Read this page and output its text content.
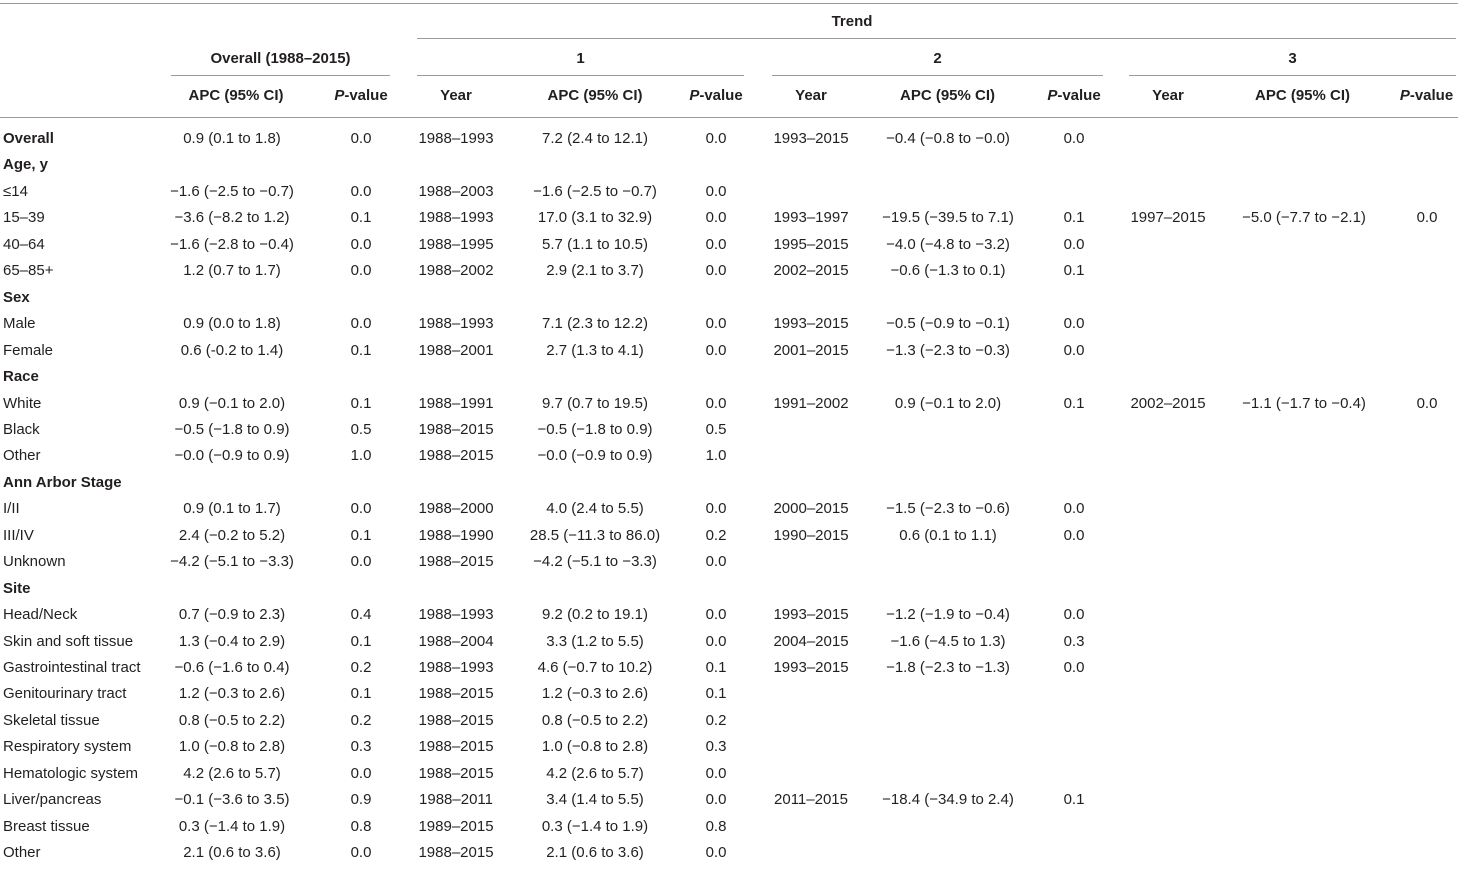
Trend
Overall (1988–2015)	1	2	3
APC (95% CI)	P-value	Year	APC (95% CI)	P-value	Year	APC (95% CI)	P-value	Year	APC (95% CI)	P-value
Overall	0.9 (0.1 to 1.8)	0.0	1988–1993	7.2 (2.4 to 12.1)	0.0	1993–2015	−0.4 (−0.8 to −0.0)	0.0
Age, y
≤14	−1.6 (−2.5 to −0.7)	0.0	1988–2003	−1.6 (−2.5 to −0.7)	0.0
15–39	−3.6 (−8.2 to 1.2)	0.1	1988–1993	17.0 (3.1 to 32.9)	0.0	1993–1997	−19.5 (−39.5 to 7.1)	0.1	1997–2015	−5.0 (−7.7 to −2.1)	0.0
40–64	−1.6 (−2.8 to −0.4)	0.0	1988–1995	5.7 (1.1 to 10.5)	0.0	1995–2015	−4.0 (−4.8 to −3.2)	0.0
65–85+	1.2 (0.7 to 1.7)	0.0	1988–2002	2.9 (2.1 to 3.7)	0.0	2002–2015	−0.6 (−1.3 to 0.1)	0.1
Sex
Male	0.9 (0.0 to 1.8)	0.0	1988–1993	7.1 (2.3 to 12.2)	0.0	1993–2015	−0.5 (−0.9 to −0.1)	0.0
Female	0.6 (-0.2 to 1.4)	0.1	1988–2001	2.7 (1.3 to 4.1)	0.0	2001–2015	−1.3 (−2.3 to −0.3)	0.0
Race
White	0.9 (−0.1 to 2.0)	0.1	1988–1991	9.7 (0.7 to 19.5)	0.0	1991–2002	0.9 (−0.1 to 2.0)	0.1	2002–2015	−1.1 (−1.7 to −0.4)	0.0
Black	−0.5 (−1.8 to 0.9)	0.5	1988–2015	−0.5 (−1.8 to 0.9)	0.5
Other	−0.0 (−0.9 to 0.9)	1.0	1988–2015	−0.0 (−0.9 to 0.9)	1.0
Ann Arbor Stage
I/II	0.9 (0.1 to 1.7)	0.0	1988–2000	4.0 (2.4 to 5.5)	0.0	2000–2015	−1.5 (−2.3 to −0.6)	0.0
III/IV	2.4 (−0.2 to 5.2)	0.1	1988–1990	28.5 (−11.3 to 86.0)	0.2	1990–2015	0.6 (0.1 to 1.1)	0.0
Unknown	−4.2 (−5.1 to −3.3)	0.0	1988–2015	−4.2 (−5.1 to −3.3)	0.0
Site
Head/Neck	0.7 (−0.9 to 2.3)	0.4	1988–1993	9.2 (0.2 to 19.1)	0.0	1993–2015	−1.2 (−1.9 to −0.4)	0.0
Skin and soft tissue	1.3 (−0.4 to 2.9)	0.1	1988–2004	3.3 (1.2 to 5.5)	0.0	2004–2015	−1.6 (−4.5 to 1.3)	0.3
Gastrointestinal tract	−0.6 (−1.6 to 0.4)	0.2	1988–1993	4.6 (−0.7 to 10.2)	0.1	1993–2015	−1.8 (−2.3 to −1.3)	0.0
Genitourinary tract	1.2 (−0.3 to 2.6)	0.1	1988–2015	1.2 (−0.3 to 2.6)	0.1
Skeletal tissue	0.8 (−0.5 to 2.2)	0.2	1988–2015	0.8 (−0.5 to 2.2)	0.2
Respiratory system	1.0 (−0.8 to 2.8)	0.3	1988–2015	1.0 (−0.8 to 2.8)	0.3
Hematologic system	4.2 (2.6 to 5.7)	0.0	1988–2015	4.2 (2.6 to 5.7)	0.0
Liver/pancreas	−0.1 (−3.6 to 3.5)	0.9	1988–2011	3.4 (1.4 to 5.5)	0.0	2011–2015	−18.4 (−34.9 to 2.4)	0.1
Breast tissue	0.3 (−1.4 to 1.9)	0.8	1989–2015	0.3 (−1.4 to 1.9)	0.8
Other	2.1 (0.6 to 3.6)	0.0	1988–2015	2.1 (0.6 to 3.6)	0.0
